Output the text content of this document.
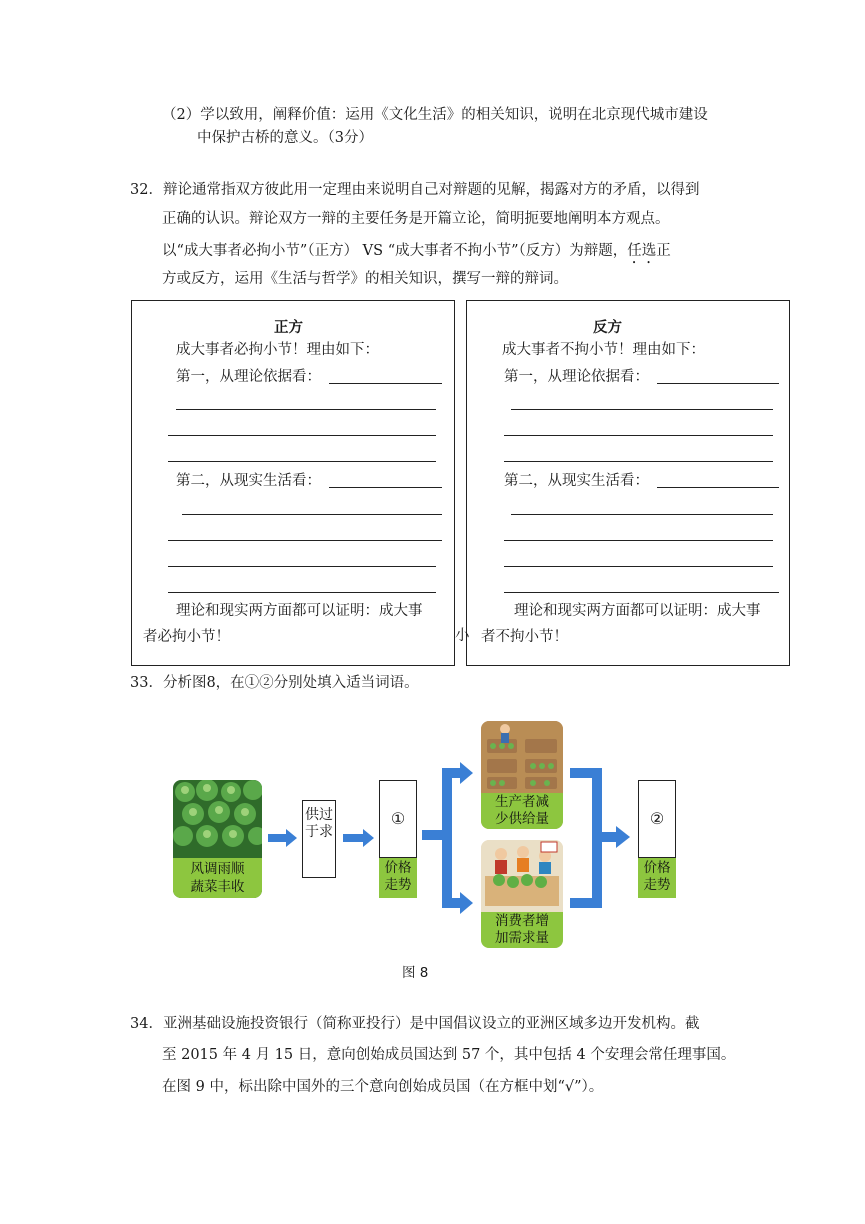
（2）学以致用，阐释价值：运用《文化生活》的相关知识，说明在北京现代城市建设
中保护古桥的意义。（3分）
32．辩论通常指双方彼此用一定理由来说明自己对辩题的见解，揭露对方的矛盾，以得到
正确的认识。辩论双方一辩的主要任务是开篇立论，简明扼要地阐明本方观点。
以“成大事者必拘小节”（正方） VS “成大事者不拘小节”（反方）为辩题，任选正
方或反方，运用《生活与哲学》的相关知识，撰写一辩的辩词。
正方
成大事者必拘小节！理由如下：
第一，从理论依据看：
第二，从现实生活看：
理论和现实两方面都可以证明：成大事
者必拘小节！
反方
成大事者不拘小节！理由如下：
第一，从理论依据看：
第二，从现实生活看：
理论和现实两方面都可以证明：成大事
者不拘小节！
小
33．分析图8，在①②分别处填入适当词语。
风调雨顺
蔬菜丰收
供过于求
①
价格
走势
生产者减
少供给量
消费者增
加需求量
②
价格
走势
图 8
34．亚洲基础设施投资银行（简称亚投行）是中国倡议设立的亚洲区域多边开发机构。截
至 2015 年 4 月 15 日，意向创始成员国达到 57 个，其中包括 4 个安理会常任理事国。
在图 9 中，标出除中国外的三个意向创始成员国（在方框中划“√”）。
